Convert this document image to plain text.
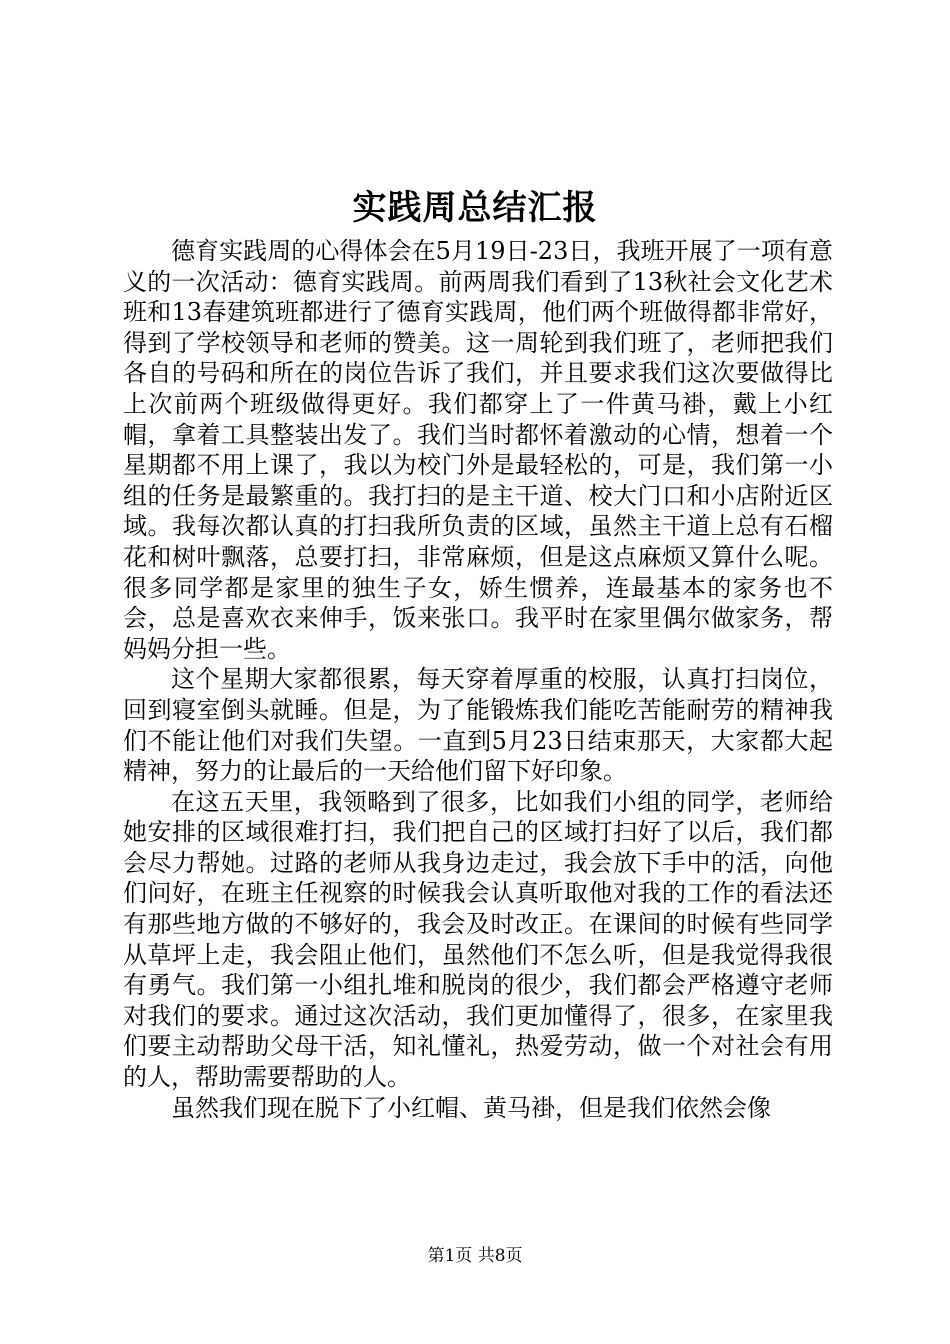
实践周总结汇报

德育实践周的心得体会在5月19日-23日，我班开展了一项有意义的一次活动：德育实践周。前两周我们看到了13秋社会文化艺术班和13春建筑班都进行了德育实践周，他们两个班做得都非常好，得到了学校领导和老师的赞美。这一周轮到我们班了，老师把我们各自的号码和所在的岗位告诉了我们，并且要求我们这次要做得比上次前两个班级做得更好。我们都穿上了一件黄马褂，戴上小红帽，拿着工具整装出发了。我们当时都怀着激动的心情，想着一个星期都不用上课了，我以为校门外是最轻松的，可是，我们第一小组的任务是最繁重的。我打扫的是主干道、校大门口和小店附近区域。我每次都认真的打扫我所负责的区域，虽然主干道上总有石榴花和树叶飘落，总要打扫，非常麻烦，但是这点麻烦又算什么呢。很多同学都是家里的独生子女，娇生惯养，连最基本的家务也不会，总是喜欢衣来伸手，饭来张口。我平时在家里偶尔做家务，帮妈妈分担一些。

这个星期大家都很累，每天穿着厚重的校服，认真打扫岗位，回到寝室倒头就睡。但是，为了能锻炼我们能吃苦能耐劳的精神我们不能让他们对我们失望。一直到5月23日结束那天，大家都大起精神，努力的让最后的一天给他们留下好印象。

在这五天里，我领略到了很多，比如我们小组的同学，老师给她安排的区域很难打扫，我们把自己的区域打扫好了以后，我们都会尽力帮她。过路的老师从我身边走过，我会放下手中的活，向他们问好，在班主任视察的时候我会认真听取他对我的工作的看法还有那些地方做的不够好的，我会及时改正。在课间的时候有些同学从草坪上走，我会阻止他们，虽然他们不怎么听，但是我觉得我很有勇气。我们第一小组扎堆和脱岗的很少，我们都会严格遵守老师对我们的要求。通过这次活动，我们更加懂得了，很多，在家里我们要主动帮助父母干活，知礼懂礼，热爱劳动，做一个对社会有用的人，帮助需要帮助的人。

虽然我们现在脱下了小红帽、黄马褂，但是我们依然会像

第1页 共8页
